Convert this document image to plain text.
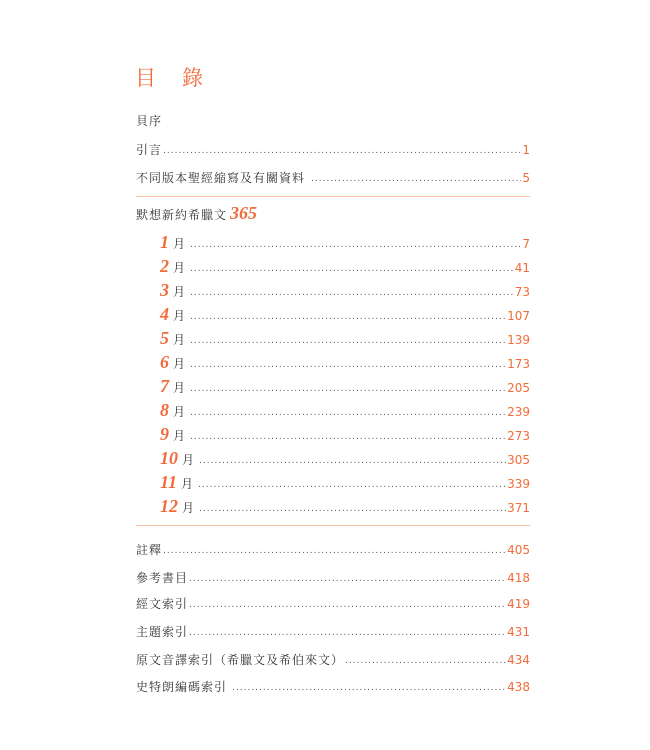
目 錄
貝序
引言 .....	1
不同版本聖經縮寫及有關資料 .....	5
默想新約希臘文 365
1 月 .....	7
2 月 .....	41
3 月 .....	73
4 月 .....	107
5 月 .....	139
6 月 .....	173
7 月 .....	205
8 月 .....	239
9 月 .....	273
10 月 .....	305
11 月 .....	339
12 月 .....	371
註釋 .....	405
參考書目 .....	418
經文索引 .....	419
主題索引 .....	431
原文音譯索引（希臘文及希伯來文） .....	434
史特朗編碼索引 .....	438
